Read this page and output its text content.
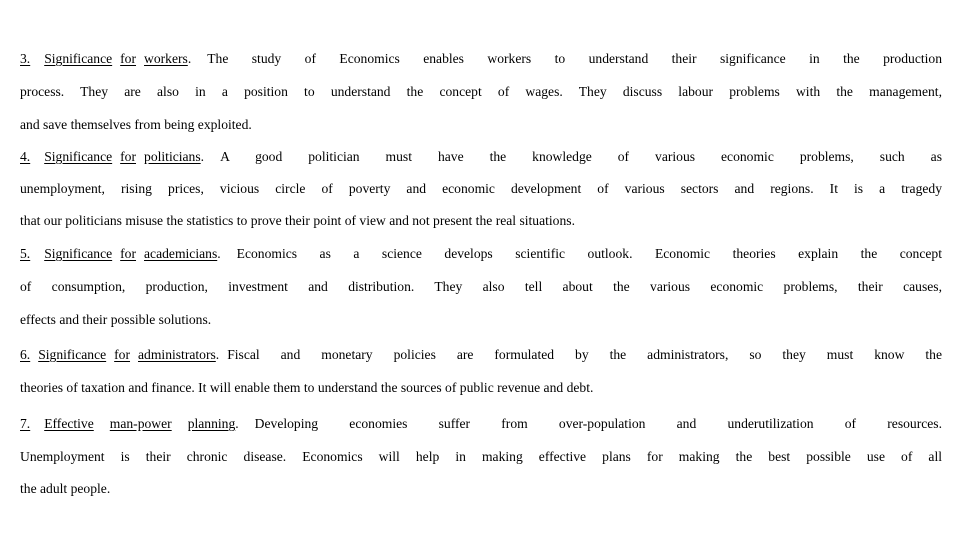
3. Significance for workers. The study of Economics enables workers to understand their significance in the production
process. They are also in a position to understand the concept of wages. They discuss labour problems with the management,
and save themselves from being exploited.
4. Significance for politicians. A good politician must have the knowledge of various economic problems, such as
unemployment, rising prices, vicious circle of poverty and economic development of various sectors and regions. It is a tragedy
that our politicians misuse the statistics to prove their point of view and not present the real situations.
5. Significance for academicians. Economics as a science develops scientific outlook. Economic theories explain the concept
of consumption, production, investment and distribution. They also tell about the various economic problems, their causes,
effects and their possible solutions.
6. Significance for administrators. Fiscal and monetary policies are formulated by the administrators, so they must know the
theories of taxation and finance. It will enable them to understand the sources of public revenue and debt.
7. Effective man-power planning. Developing economies suffer from over-population and underutilization of resources.
Unemployment is their chronic disease. Economics will help in making effective plans for making the best possible use of all
the adult people.
